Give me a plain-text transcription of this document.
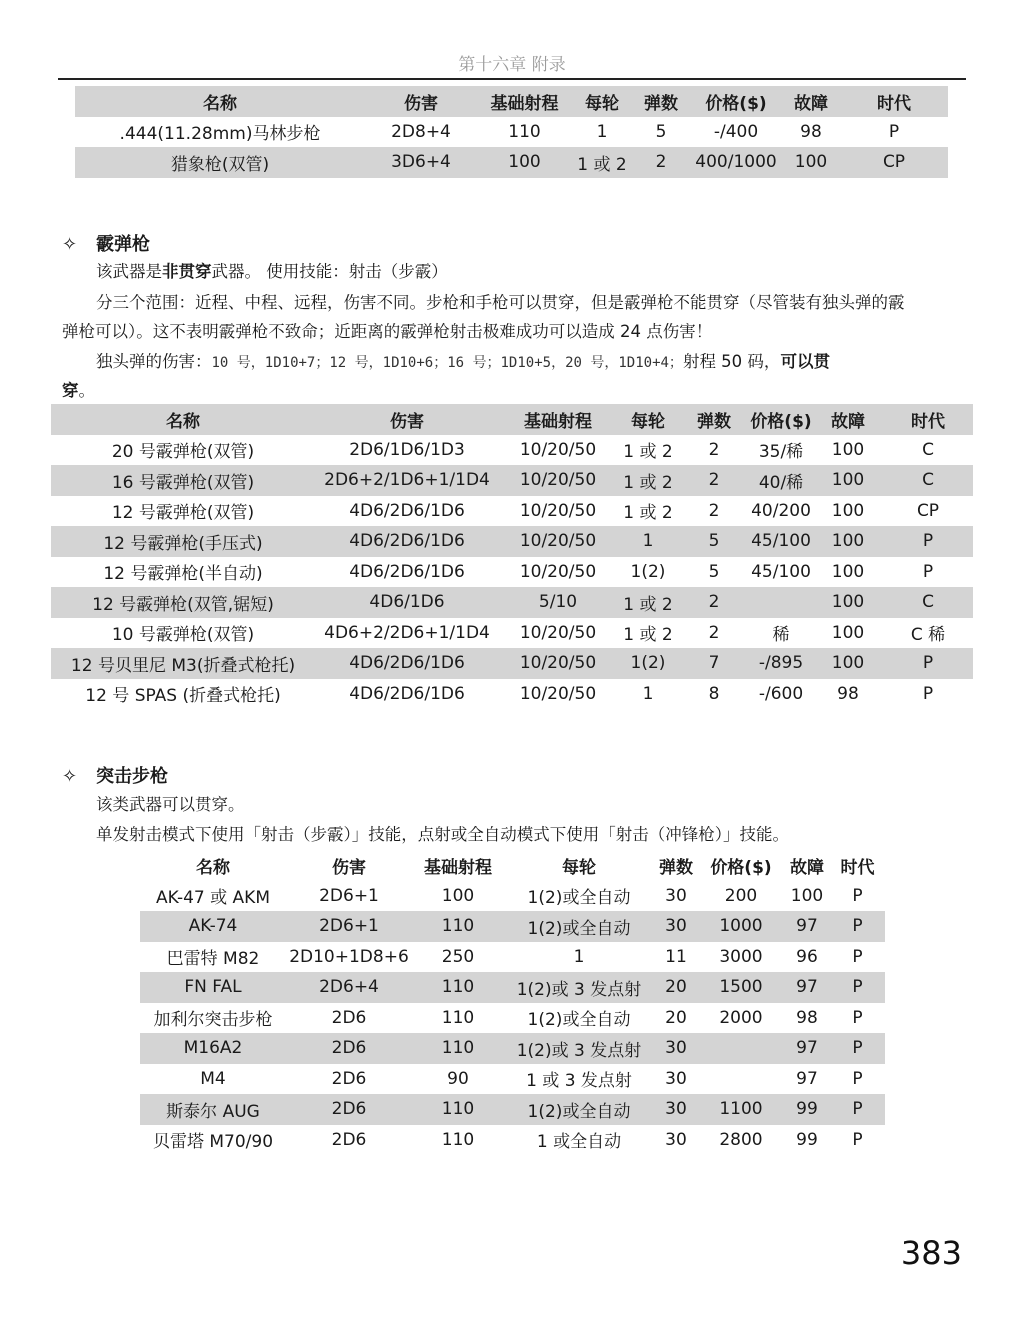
第十六章 附录
名称	伤害	基础射程	每轮	弹数	价格($)	故障	时代
.444(11.28mm)马林步枪	2D8+4	110	1	5	-/400	98	P
猎象枪(双管)	3D6+4	100	1 或 2	2	400/1000	100	CP
✧ 霰弹枪
该武器是非贯穿武器。 使用技能：射击（步霰）
分三个范围：近程、中程、远程，伤害不同。步枪和手枪可以贯穿，但是霰弹枪不能贯穿（尽管装有独头弹的霰
弹枪可以）。这不表明霰弹枪不致命；近距离的霰弹枪射击极难成功可以造成 24 点伤害！
独头弹的伤害：10 号，1D10+7；12 号，1D10+6；16 号；1D10+5，20 号，1D10+4；射程 50 码，可以贯
穿。
名称	伤害	基础射程	每轮	弹数	价格($)	故障	时代
20 号霰弹枪(双管)	2D6/1D6/1D3	10/20/50	1 或 2	2	35/稀	100	C
16 号霰弹枪(双管)	2D6+2/1D6+1/1D4	10/20/50	1 或 2	2	40/稀	100	C
12 号霰弹枪(双管)	4D6/2D6/1D6	10/20/50	1 或 2	2	40/200	100	CP
12 号霰弹枪(手压式)	4D6/2D6/1D6	10/20/50	1	5	45/100	100	P
12 号霰弹枪(半自动)	4D6/2D6/1D6	10/20/50	1(2)	5	45/100	100	P
12 号霰弹枪(双管,锯短)	4D6/1D6	5/10	1 或 2	2		100	C
10 号霰弹枪(双管)	4D6+2/2D6+1/1D4	10/20/50	1 或 2	2	稀	100	C 稀
12 号贝里尼 M3(折叠式枪托)	4D6/2D6/1D6	10/20/50	1(2)	7	-/895	100	P
12 号 SPAS (折叠式枪托)	4D6/2D6/1D6	10/20/50	1	8	-/600	98	P
✧ 突击步枪
该类武器可以贯穿。
单发射击模式下使用「射击（步霰）」技能，点射或全自动模式下使用「射击（冲锋枪）」技能。
名称	伤害	基础射程	每轮	弹数	价格($)	故障	时代
AK-47 或 AKM	2D6+1	100	1(2)或全自动	30	200	100	P
AK-74	2D6+1	110	1(2)或全自动	30	1000	97	P
巴雷特 M82	2D10+1D8+6	250	1	11	3000	96	P
FN FAL	2D6+4	110	1(2)或 3 发点射	20	1500	97	P
加利尔突击步枪	2D6	110	1(2)或全自动	20	2000	98	P
M16A2	2D6	110	1(2)或 3 发点射	30		97	P
M4	2D6	90	1 或 3 发点射	30		97	P
斯泰尔 AUG	2D6	110	1(2)或全自动	30	1100	99	P
贝雷塔 M70/90	2D6	110	1 或全自动	30	2800	99	P
383
